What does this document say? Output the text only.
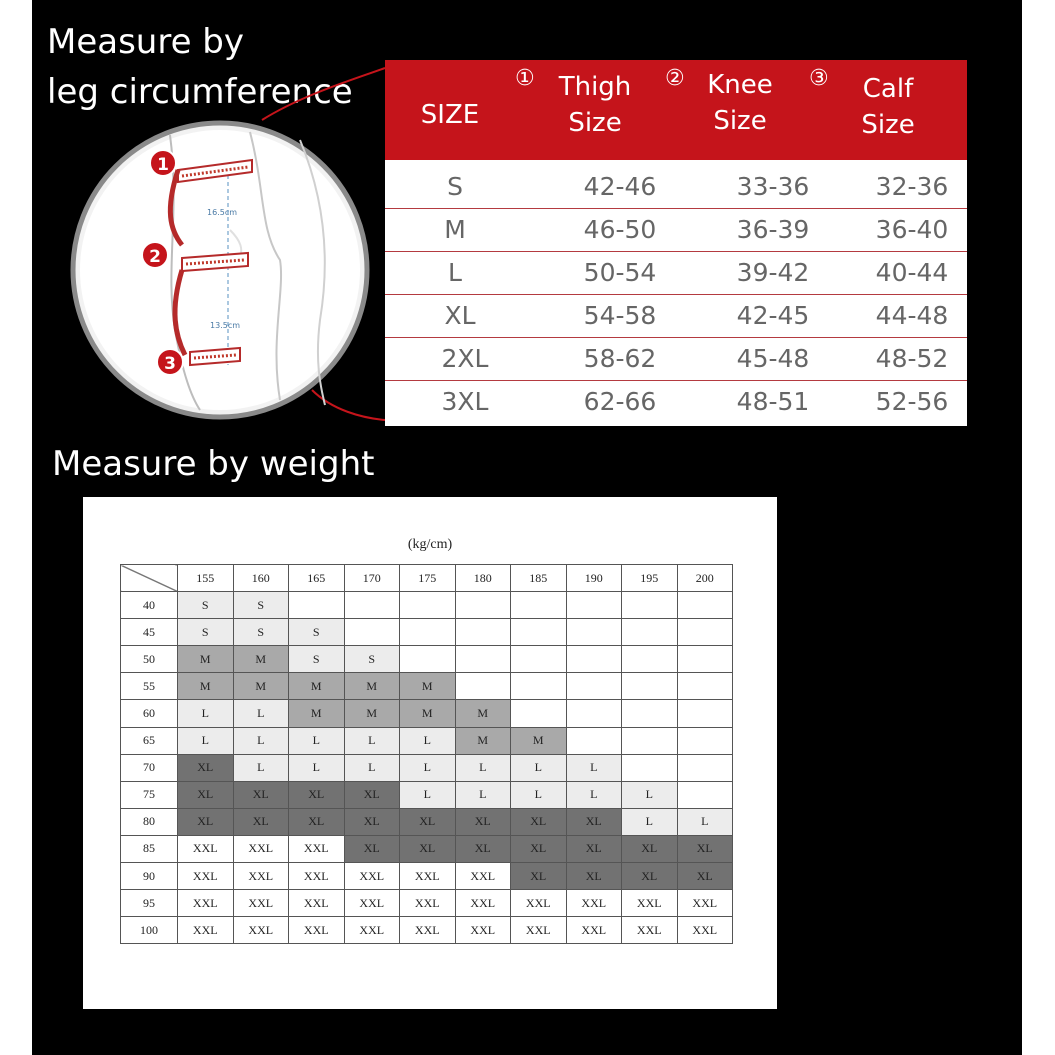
Measure by
leg circumference
16.5cm
13.5cm
1
2
3
SIZE
① Thigh
Size
② Knee
Size
③	Calf
Size
S	42-46	33-36	32-36
M	46-50	36-39	36-40
L	50-54	39-42	40-44
XL	54-58	42-45	44-48
2XL	58-62	45-48	48-52
3XL	62-66	48-51	52-56
Measure by weight
(kg/cm)
	155	160	165	170	175	180	185	190	195	200
40	S	S								
45	S	S	S							
50	M	M	S	S						
55	M	M	M	M	M					
60	L	L	M	M	M	M				
65	L	L	L	L	L	M	M			
70	XL	L	L	L	L	L	L	L		
75	XL	XL	XL	XL	L	L	L	L	L	
80	XL	XL	XL	XL	XL	XL	XL	XL	L	L
85	XXL	XXL	XXL	XL	XL	XL	XL	XL	XL	XL
90	XXL	XXL	XXL	XXL	XXL	XXL	XL	XL	XL	XL
95	XXL	XXL	XXL	XXL	XXL	XXL	XXL	XXL	XXL	XXL
100	XXL	XXL	XXL	XXL	XXL	XXL	XXL	XXL	XXL	XXL
